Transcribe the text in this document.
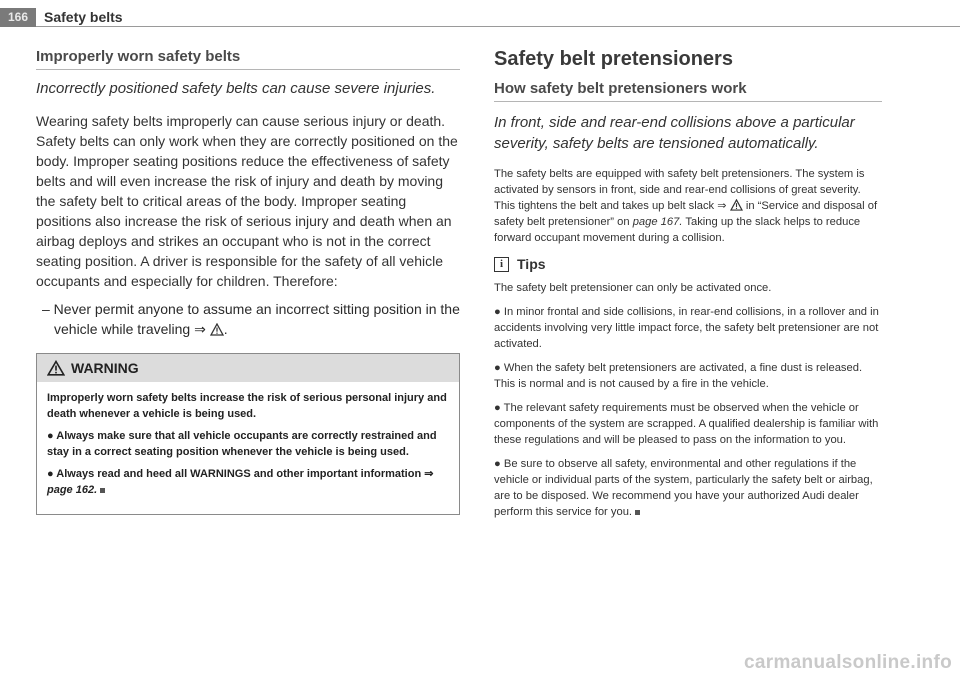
166	Safety belts
Improperly worn safety belts

Incorrectly positioned safety belts can cause severe injuries.

Wearing safety belts improperly can cause serious injury or death. Safety belts can only work when they are correctly positioned on the body. Improper seating positions reduce the effectiveness of safety belts and will even increase the risk of injury and death by moving the safety belt to critical areas of the body. Improper seating positions also increase the risk of serious injury and death when an airbag deploys and strikes an occupant who is not in the correct seating position. A driver is responsible for the safety of all vehicle occupants and especially for children. Therefore:

– Never permit anyone to assume an incorrect sitting position in the vehicle while traveling ⇒ .

WARNING

Improperly worn safety belts increase the risk of serious personal injury and death whenever a vehicle is being used.

● Always make sure that all vehicle occupants are correctly restrained and stay in a correct seating position whenever the vehicle is being used.

● Always read and heed all WARNINGS and other important information ⇒ page 162.

Safety belt pretensioners
How safety belt pretensioners work

In front, side and rear-end collisions above a particular severity, safety belts are tensioned automatically.

The safety belts are equipped with safety belt pretensioners. The system is activated by sensors in front, side and rear-end collisions of great severity. This tightens the belt and takes up belt slack ⇒  in “Service and disposal of safety belt pretensioner” on page 167. Taking up the slack helps to reduce forward occupant movement during a collision.

i Tips

The safety belt pretensioner can only be activated once.

● In minor frontal and side collisions, in rear-end collisions, in a rollover and in accidents involving very little impact force, the safety belt pretensioner are not activated.

● When the safety belt pretensioners are activated, a fine dust is released. This is normal and is not caused by a fire in the vehicle.

● The relevant safety requirements must be observed when the vehicle or components of the system are scrapped. A qualified dealership is familiar with these regulations and will be pleased to pass on the information to you.

● Be sure to observe all safety, environmental and other regulations if the vehicle or individual parts of the system, particularly the safety belt or airbag, are to be disposed. We recommend you have your authorized Audi dealer perform this service for you.

carmanualsonline.info
